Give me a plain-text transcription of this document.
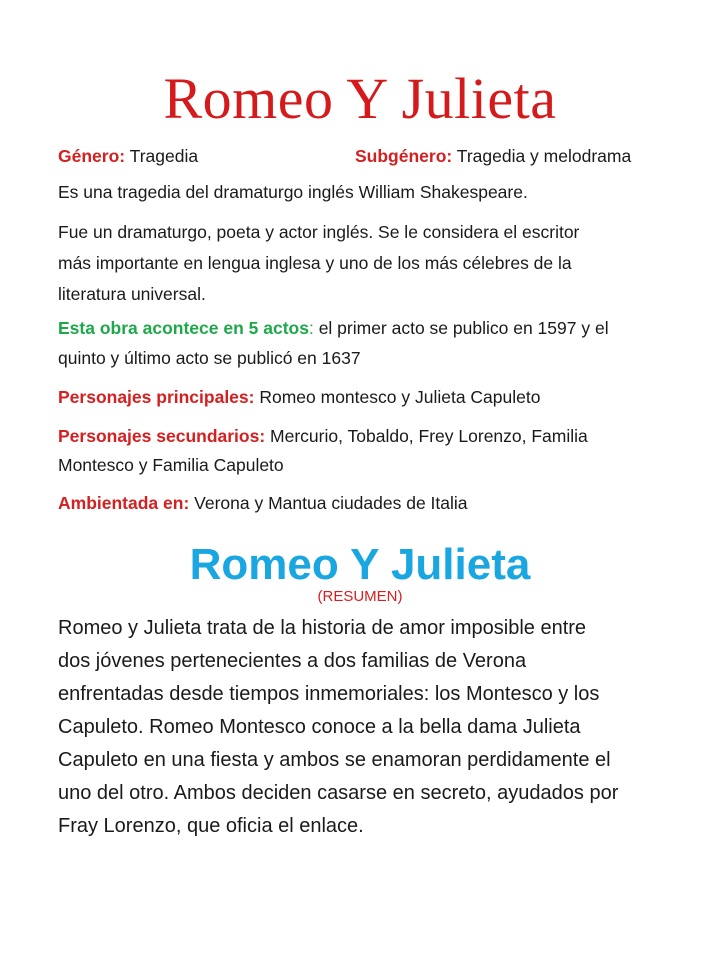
Romeo Y Julieta
Género: Tragedia	Subgénero: Tragedia y melodrama
Es una tragedia del dramaturgo inglés William Shakespeare.
Fue un dramaturgo, poeta y actor inglés. Se le considera el escritor
más importante en lengua inglesa y uno de los más célebres de la
literatura universal.
Esta obra acontece en 5 actos: el primer acto se publico en 1597 y el
quinto y último acto se publicó en 1637
Personajes principales: Romeo montesco y Julieta Capuleto
Personajes secundarios: Mercurio, Tobaldo, Frey Lorenzo, Familia
Montesco y Familia Capuleto
Ambientada en: Verona y Mantua ciudades de Italia
Romeo Y Julieta
(RESUMEN)
Romeo y Julieta trata de la historia de amor imposible entre
dos jóvenes pertenecientes a dos familias de Verona
enfrentadas desde tiempos inmemoriales: los Montesco y los
Capuleto. Romeo Montesco conoce a la bella dama Julieta
Capuleto en una fiesta y ambos se enamoran perdidamente el
uno del otro. Ambos deciden casarse en secreto, ayudados por
Fray Lorenzo, que oficia el enlace.
